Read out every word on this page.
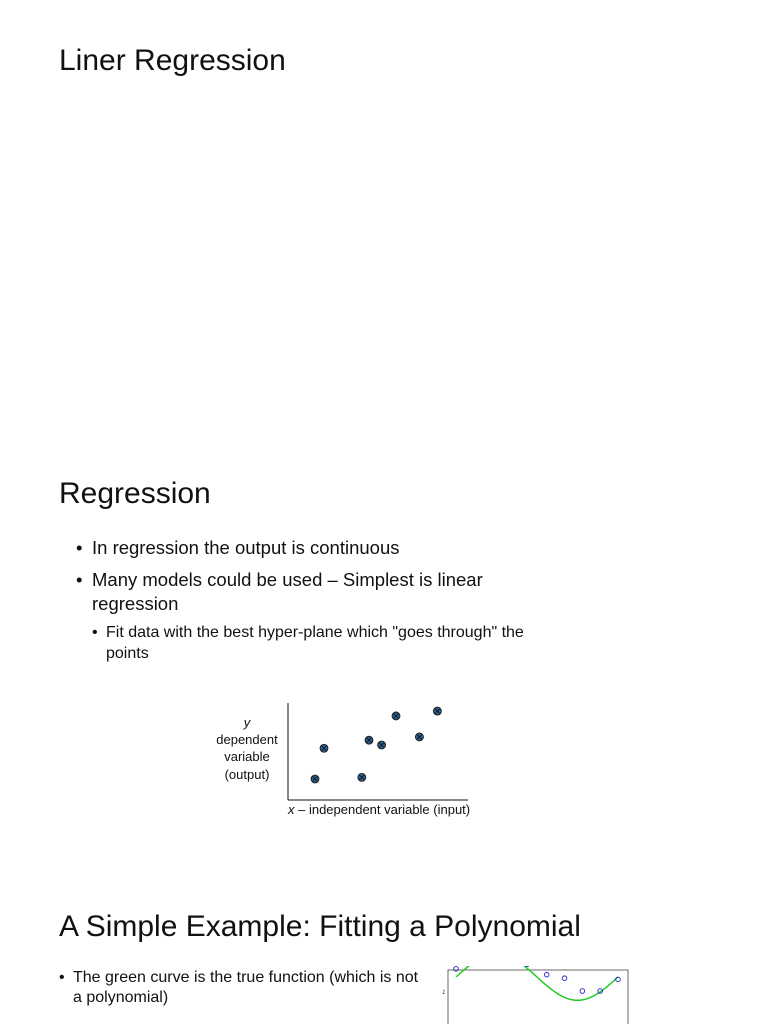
Liner Regression
Regression
• In regression the output is continuous
• Many models could be used – Simplest is linear regression
• Fit data with the best hyper-plane which "goes through" the points
y
dependent
variable
(output)
x – independent variable (input)
A Simple Example: Fitting a Polynomial
• The green curve is the true function (which is not a polynomial)	1
